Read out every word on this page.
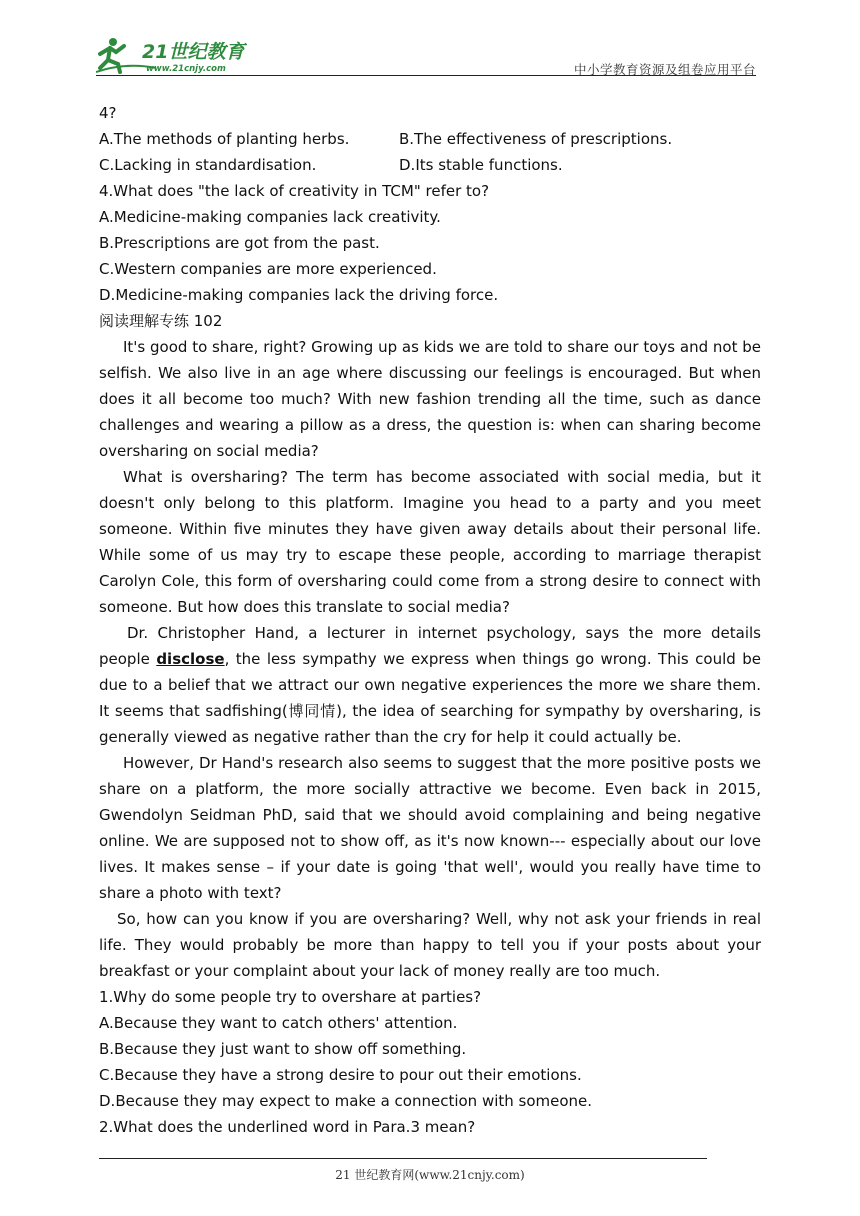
21世纪教育
www.21cnjy.com	中小学教育资源及组卷应用平台
4?
A.The methods of planting herbs.	B.The effectiveness of prescriptions.
C.Lacking in standardisation.	D.Its stable functions.
4.What does "the lack of creativity in TCM" refer to?
A.Medicine-making companies lack creativity.
B.Prescriptions are got from the past.
C.Western companies are more experienced.
D.Medicine-making companies lack the driving force.
阅读理解专练 102

It's good to share, right? Growing up as kids we are told to share our toys and not be selfish. We also live in an age where discussing our feelings is encouraged. But when does it all become too much? With new fashion trending all the time, such as dance challenges and wearing a pillow as a dress, the question is: when can sharing become oversharing on social media?

What is oversharing? The term has become associated with social media, but it doesn't only belong to this platform. Imagine you head to a party and you meet someone. Within five minutes they have given away details about their personal life. While some of us may try to escape these people, according to marriage therapist Carolyn Cole, this form of oversharing could come from a strong desire to connect with someone. But how does this translate to social media?

Dr. Christopher Hand, a lecturer in internet psychology, says the more details people disclose, the less sympathy we express when things go wrong. This could be due to a belief that we attract our own negative experiences the more we share them. It seems that sadfishing(博同情), the idea of searching for sympathy by oversharing, is generally viewed as negative rather than the cry for help it could actually be.

However, Dr Hand's research also seems to suggest that the more positive posts we share on a platform, the more socially attractive we become. Even back in 2015, Gwendolyn Seidman PhD, said that we should avoid complaining and being negative online. We are supposed not to show off, as it's now known--- especially about our love lives. It makes sense – if your date is going 'that well', would you really have time to share a photo with text?

So, how can you know if you are oversharing? Well, why not ask your friends in real life. They would probably be more than happy to tell you if your posts about your breakfast or your complaint about your lack of money really are too much.

1.Why do some people try to overshare at parties?
A.Because they want to catch others' attention.
B.Because they just want to show off something.
C.Because they have a strong desire to pour out their emotions.
D.Because they may expect to make a connection with someone.
2.What does the underlined word in Para.3 mean?
21 世纪教育网(www.21cnjy.com)
